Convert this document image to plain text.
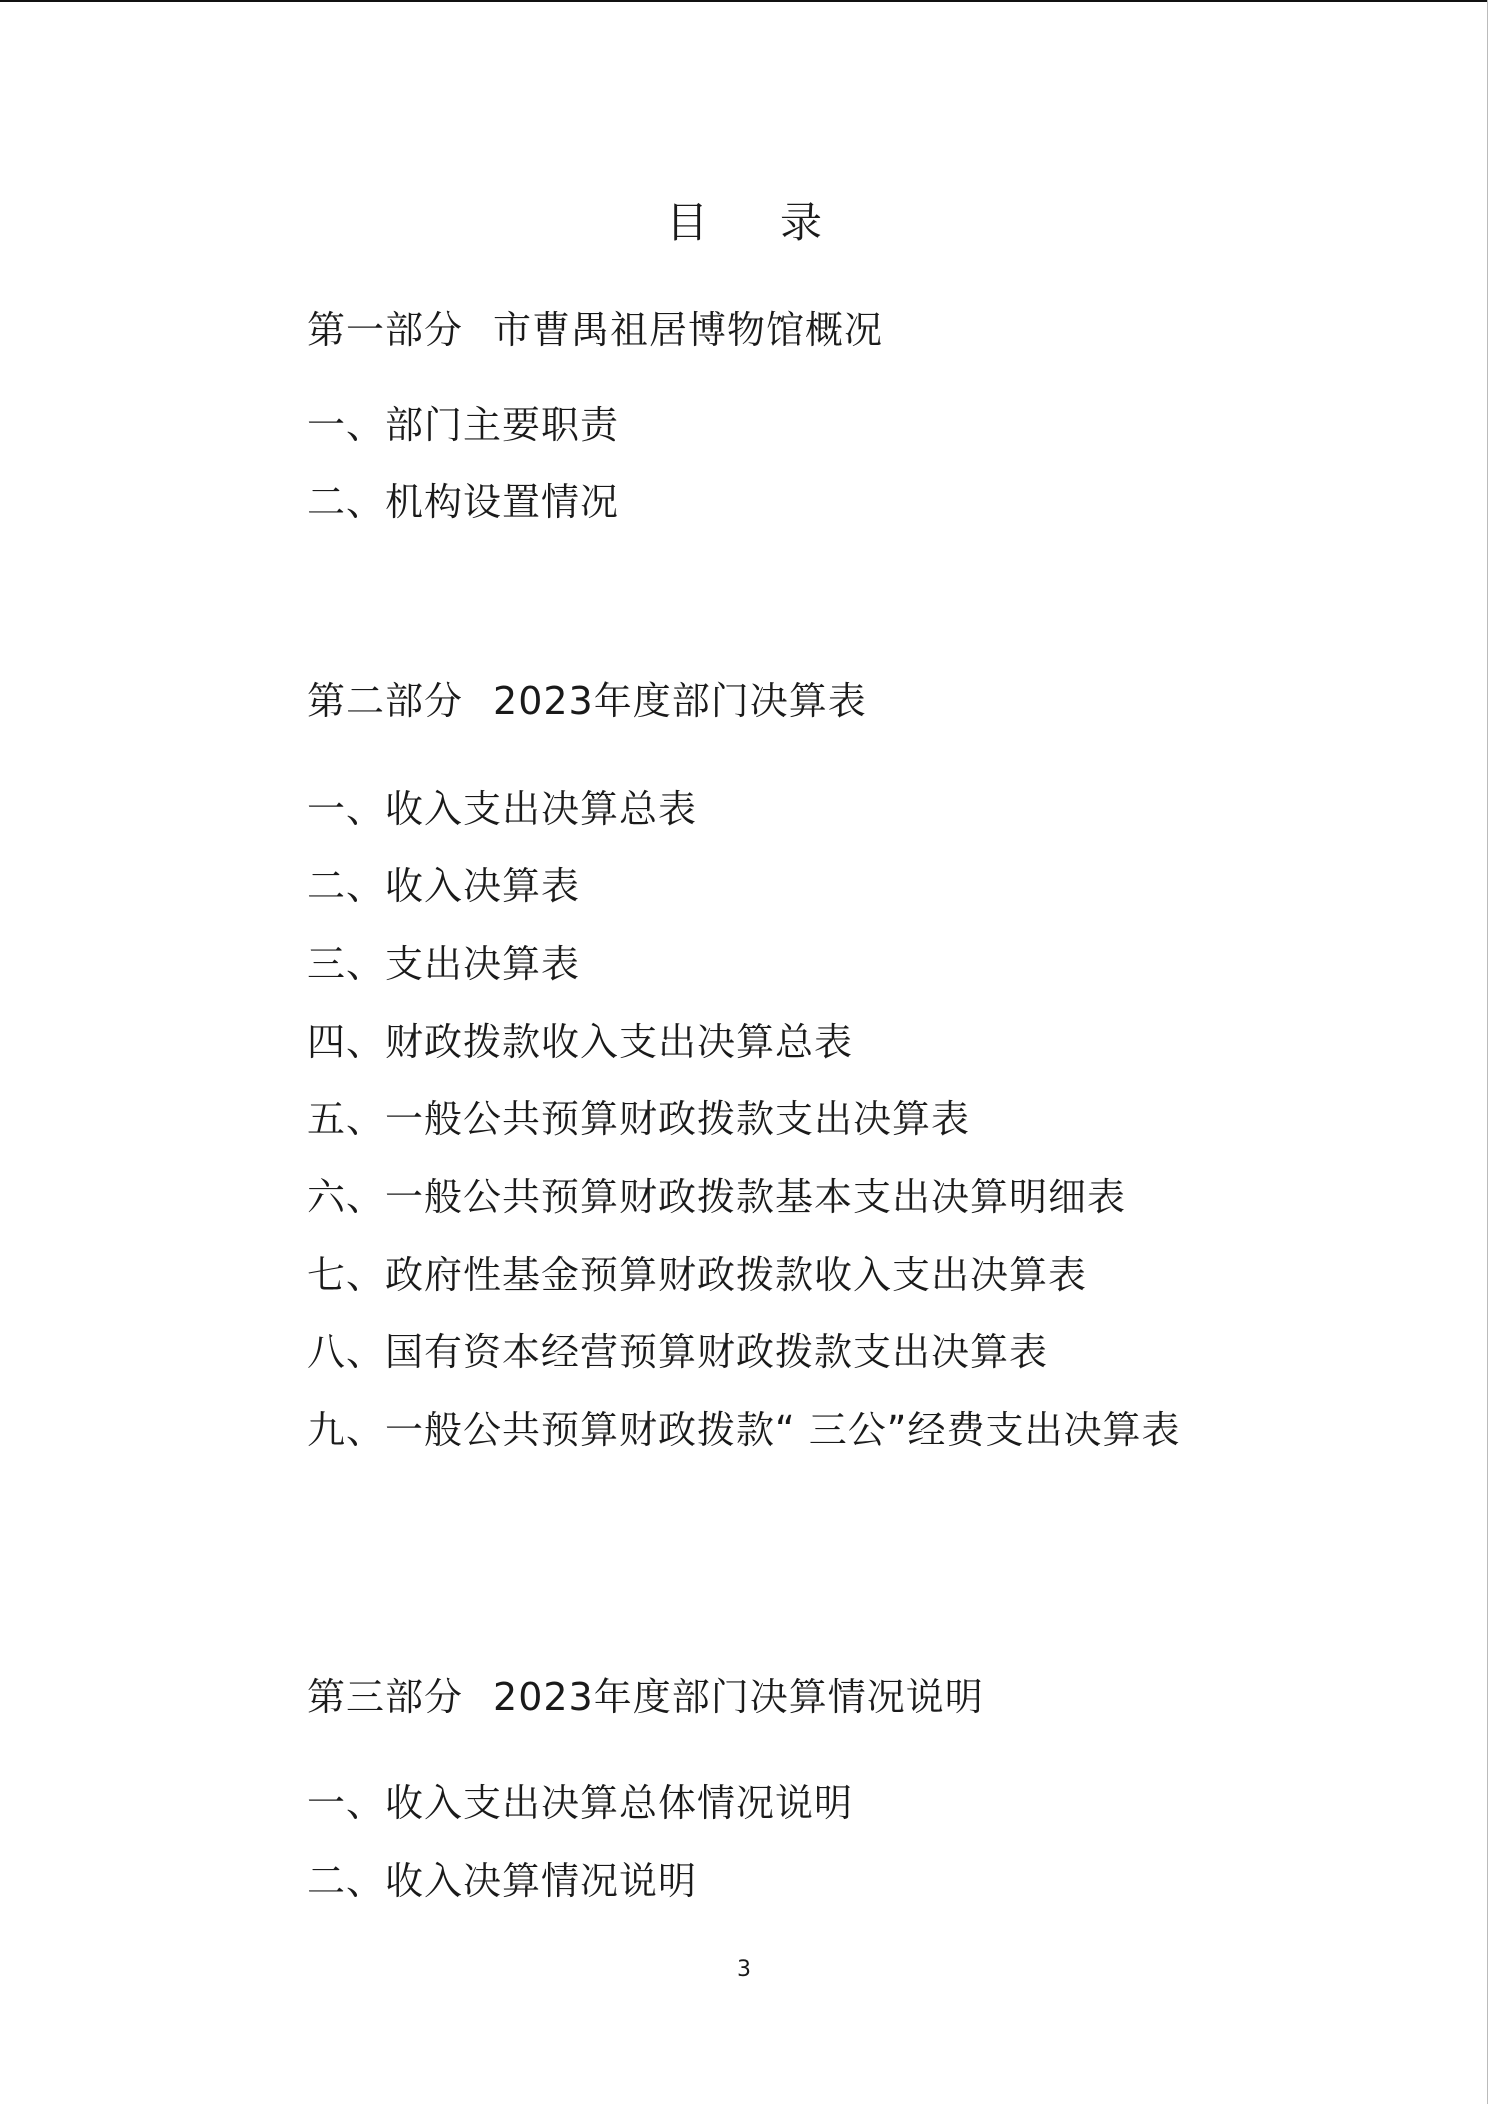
目录
第一部分 市曹禺祖居博物馆概况
一、部门主要职责
二、机构设置情况
第二部分 2023年度部门决算表
一、收入支出决算总表
二、收入决算表
三、支出决算表
四、财政拨款收入支出决算总表
五、一般公共预算财政拨款支出决算表
六、一般公共预算财政拨款基本支出决算明细表
七、政府性基金预算财政拨款收入支出决算表
八、国有资本经营预算财政拨款支出决算表
九、一般公共预算财政拨款“ 三公”经费支出决算表
第三部分 2023年度部门决算情况说明
一、收入支出决算总体情况说明
二、收入决算情况说明
3
